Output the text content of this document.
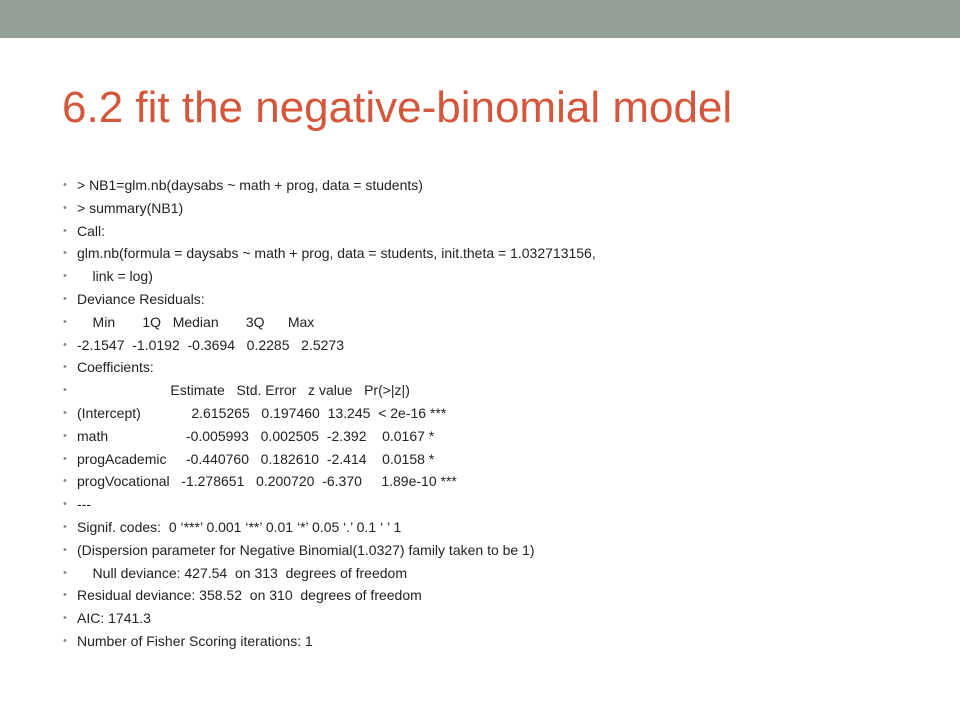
6.2 fit the negative-binomial model
• > NB1=glm.nb(daysabs ~ math + prog, data = students)
• > summary(NB1)
• Call:
• glm.nb(formula = daysabs ~ math + prog, data = students, init.theta = 1.032713156,
• link = log)
• Deviance Residuals:
• Min       1Q   Median       3Q      Max
• -2.1547  -1.0192  -0.3694   0.2285   2.5273
• Coefficients:
• Estimate   Std. Error   z value   Pr(>|z|)
• (Intercept)             2.615265   0.197460  13.245  < 2e-16 ***
• math                    -0.005993   0.002505  -2.392    0.0167 *
• progAcademic     -0.440760   0.182610  -2.414    0.0158 *
• progVocational   -1.278651   0.200720  -6.370     1.89e-10 ***
• ---
• Signif. codes:  0 ‘***’ 0.001 ‘**’ 0.01 ‘*’ 0.05 ‘.’ 0.1 ‘ ’ 1
• (Dispersion parameter for Negative Binomial(1.0327) family taken to be 1)
• Null deviance: 427.54  on 313  degrees of freedom
• Residual deviance: 358.52  on 310  degrees of freedom
• AIC: 1741.3
• Number of Fisher Scoring iterations: 1
